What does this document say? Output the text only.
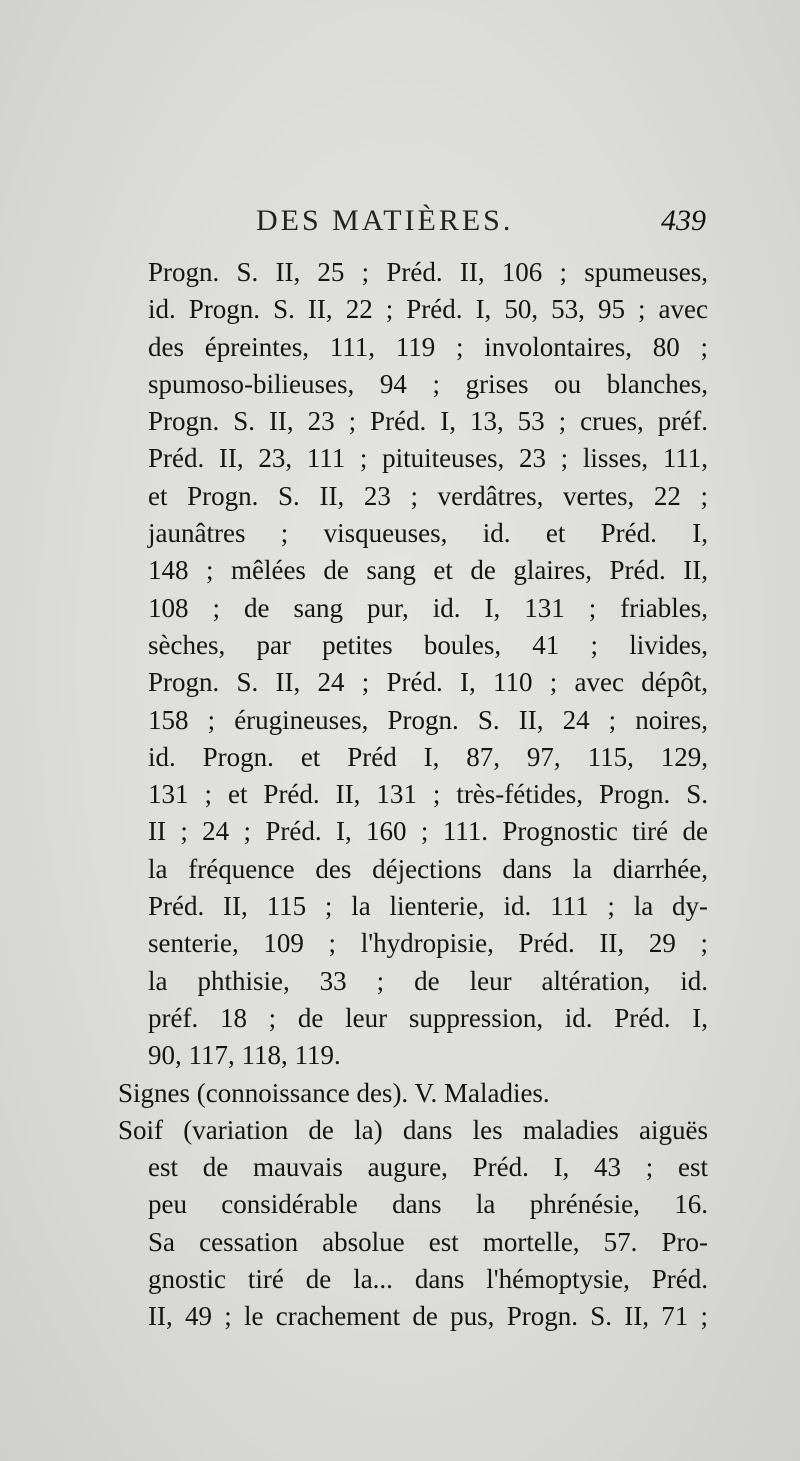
DES MATIÈRES.	439
Progn. S. II, 25 ; Préd. II, 106 ; spumeuses,
id. Progn. S. II, 22 ; Préd. I, 50, 53, 95 ; avec
des épreintes, 111, 119 ; involontaires, 80 ;
spumoso-bilieuses, 94 ; grises ou blanches,
Progn. S. II, 23 ; Préd. I, 13, 53 ; crues, préf.
Préd. II, 23, 111 ; pituiteuses, 23 ; lisses, 111,
et Progn. S. II, 23 ; verdâtres, vertes, 22 ;
jaunâtres ; visqueuses, id. et Préd. I,
148 ; mêlées de sang et de glaires, Préd. II,
108 ; de sang pur, id. I, 131 ; friables,
sèches, par petites boules, 41 ; livides,
Progn. S. II, 24 ; Préd. I, 110 ; avec dépôt,
158 ; érugineuses, Progn. S. II, 24 ; noires,
id. Progn. et Préd I, 87, 97, 115, 129,
131 ; et Préd. II, 131 ; très-fétides, Progn. S.
II ; 24 ; Préd. I, 160 ; 111. Prognostic tiré de
la fréquence des déjections dans la diarrhée,
Préd. II, 115 ; la lienterie, id. 111 ; la dy-
senterie, 109 ; l'hydropisie, Préd. II, 29 ;
la phthisie, 33 ; de leur altération, id.
préf. 18 ; de leur suppression, id. Préd. I,
90, 117, 118, 119.
Signes (connoissance des). V. Maladies.
Soif (variation de la) dans les maladies aiguës
est de mauvais augure, Préd. I, 43 ; est
peu considérable dans la phrénésie, 16.
Sa cessation absolue est mortelle, 57. Pro-
gnostic tiré de la... dans l'hémoptysie, Préd.
II, 49 ; le crachement de pus, Progn. S. II, 71 ;
